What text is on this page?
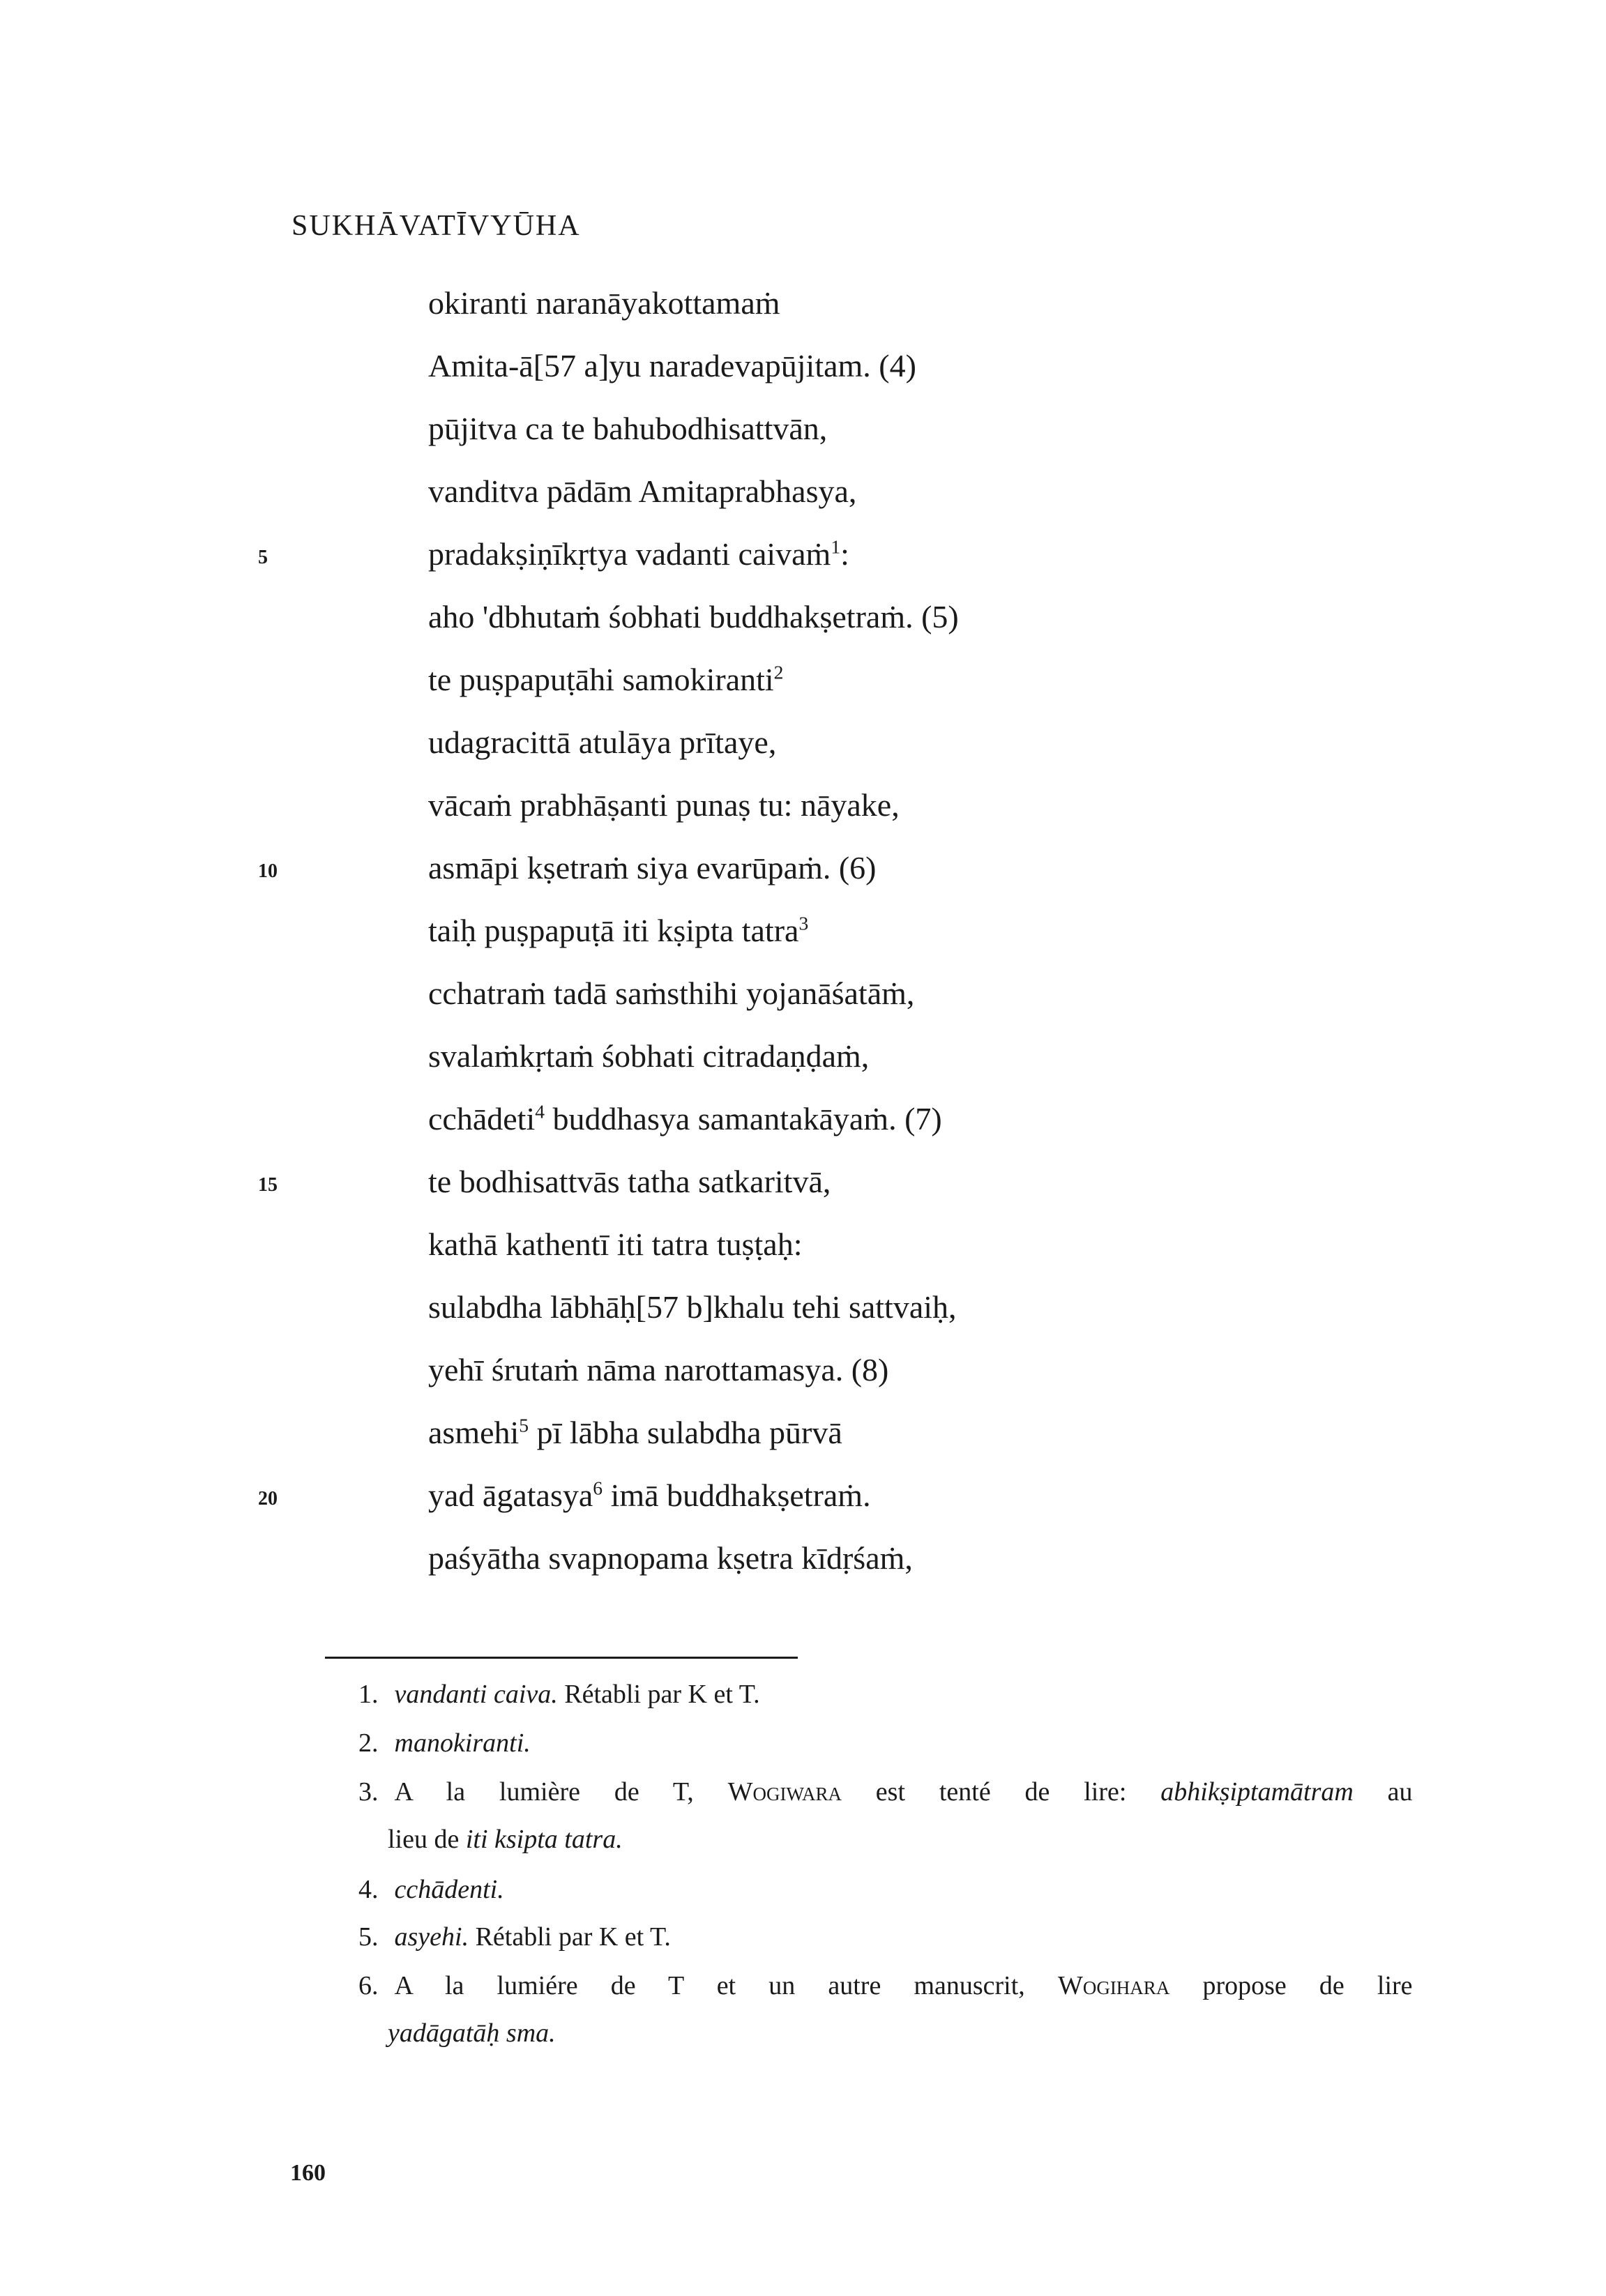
SUKHĀVATĪVYŪHA
okiranti naranāyakottamaṁ
Amita-ā[57 a]yu naradevapūjitam. (4)
pūjitva ca te bahubodhisattvān,
vanditva pādām Amitaprabhasya,
pradakṣiṇīkṛtya vadanti caivaṁ$^1$:
aho 'dbhutaṁ śobhati buddhakṣetraṁ. (5)
te puṣpapuṭāhi samokiranti$^2$
udagracittā atulāya prītaye,
vācaṁ prabhāṣanti punaṣ tu: nāyake,
asmāpi kṣetraṁ siya evarūpaṁ. (6)
taiḥ puṣpapuṭā iti kṣipta tatra$^3$
cchatraṁ tadā saṁsthihi yojanāśatāṁ,
svalaṁkṛtaṁ śobhati citradaṇḍaṁ,
cchādeti$^4$ buddhasya samantakāyaṁ. (7)
te bodhisattvās tatha satkaritvā,
kathā kathentī iti tatra tuṣṭaḥ:
sulabdha lābhāḥ[57 b]khalu tehi sattvaiḥ,
yehī śrutaṁ nāma narottamasya. (8)
asmehi$^5$ pī lābha sulabdha pūrvā
yad āgatasya$^6$ imā buddhakṣetraṁ.
paśyātha svapnopama kṣetra kīdṛśaṁ,
5
10
15
20
1. vandanti caiva. Rétabli par K et T.
2. manokiranti.
3. A la lumière de T, Wogiwara est tenté de lire: abhikṣiptamātram au
lieu de iti ksipta tatra.
4. cchādenti.
5. asyehi. Rétabli par K et T.
6. A la lumiére de T et un autre manuscrit, Wogihara propose de lire
yadāgatāḥ sma.
160
